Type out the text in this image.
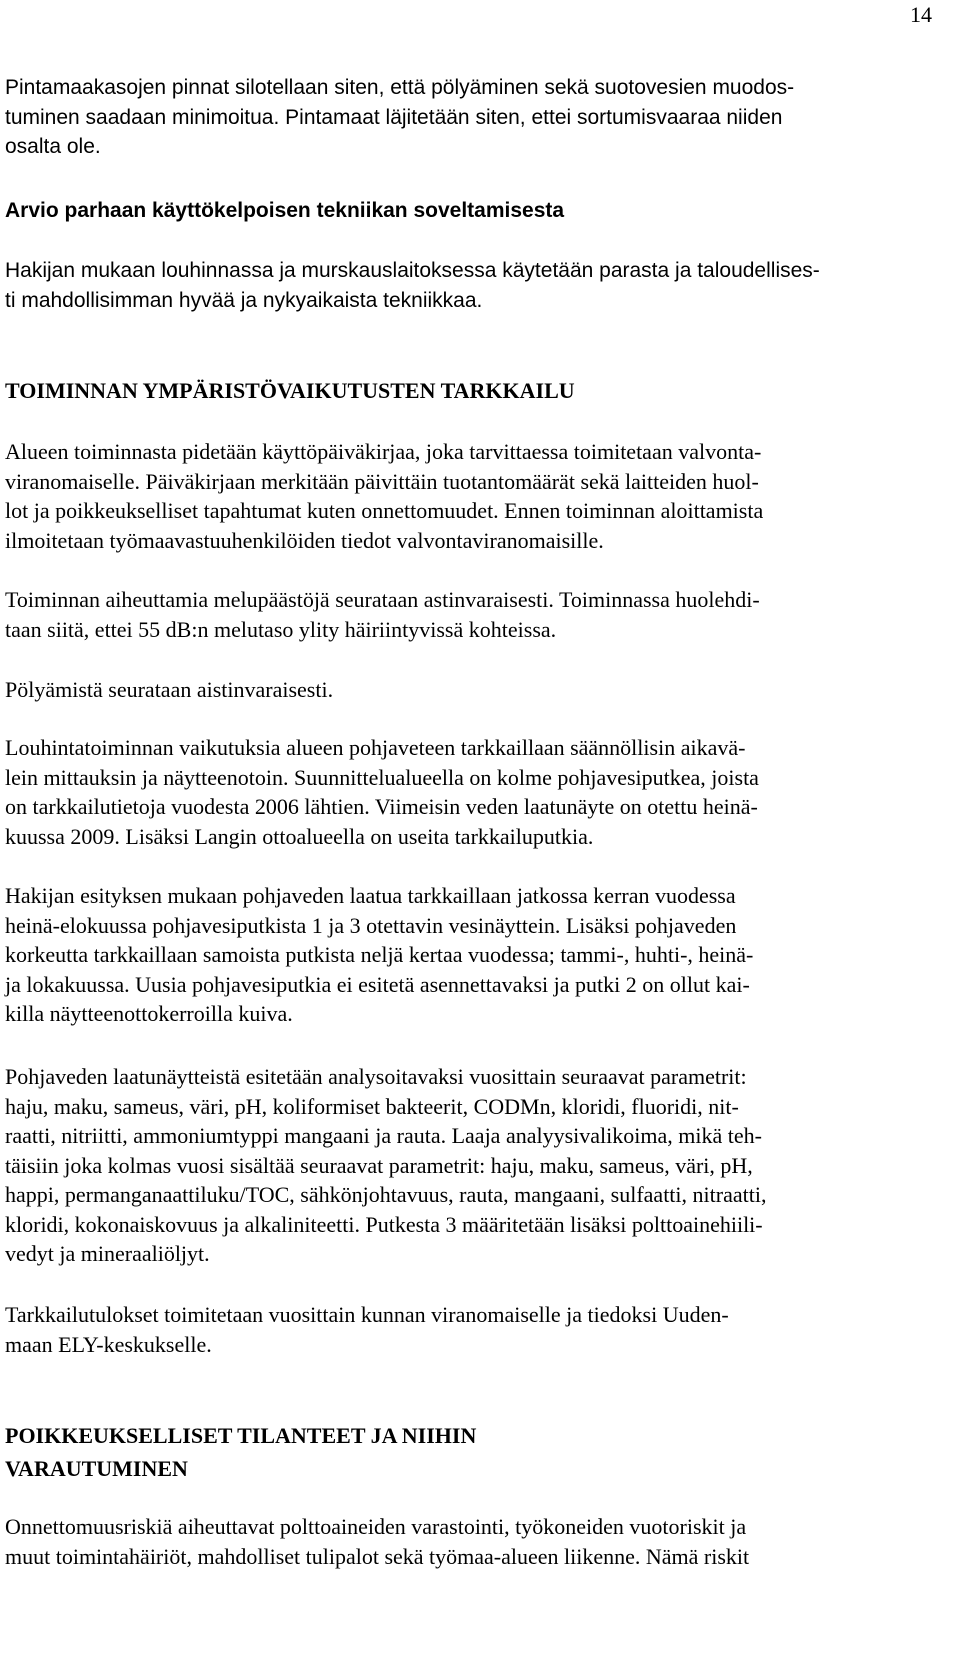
14
Pintamaakasojen pinnat silotellaan siten, että pölyäminen sekä suotovesien muodos-
tuminen saadaan minimoitua. Pintamaat läjitetään siten, ettei sortumisvaaraa niiden
osalta ole.
Arvio parhaan käyttökelpoisen tekniikan soveltamisesta
Hakijan mukaan louhinnassa ja murskauslaitoksessa käytetään parasta ja taloudellises-
ti mahdollisimman hyvää ja nykyaikaista tekniikkaa.
TOIMINNAN YMPÄRISTÖVAIKUTUSTEN TARKKAILU
Alueen toiminnasta pidetään käyttöpäiväkirjaa, joka tarvittaessa toimitetaan valvonta-
viranomaiselle. Päiväkirjaan merkitään päivittäin tuotantomäärät sekä laitteiden huol-
lot ja poikkeukselliset tapahtumat kuten onnettomuudet. Ennen toiminnan aloittamista
ilmoitetaan työmaavastuuhenkilöiden tiedot valvontaviranomaisille.
Toiminnan aiheuttamia melupäästöjä seurataan astinvaraisesti. Toiminnassa huolehdi-
taan siitä, ettei 55 dB:n melutaso ylity häiriintyvissä kohteissa.
Pölyämistä seurataan aistinvaraisesti.
Louhintatoiminnan vaikutuksia alueen pohjaveteen tarkkaillaan säännöllisin aikavä-
lein mittauksin ja näytteenotoin. Suunnittelualueella on kolme pohjavesiputkea, joista
on tarkkailutietoja vuodesta 2006 lähtien. Viimeisin veden laatunäyte on otettu heinä-
kuussa 2009. Lisäksi Langin ottoalueella on useita tarkkailuputkia.
Hakijan esityksen mukaan pohjaveden laatua tarkkaillaan jatkossa kerran vuodessa
heinä-elokuussa pohjavesiputkista 1 ja 3 otettavin vesinäyttein. Lisäksi pohjaveden
korkeutta tarkkaillaan samoista putkista neljä kertaa vuodessa; tammi-, huhti-, heinä-
ja lokakuussa. Uusia pohjavesiputkia ei esitetä asennettavaksi ja putki 2 on ollut kai-
killa näytteenottokerroilla kuiva.
Pohjaveden laatunäytteistä esitetään analysoitavaksi vuosittain seuraavat parametrit:
haju, maku, sameus, väri, pH, koliformiset bakteerit, CODMn, kloridi, fluoridi, nit-
raatti, nitriitti, ammoniumtyppi mangaani ja rauta. Laaja analyysivalikoima, mikä teh-
täisiin joka kolmas vuosi sisältää seuraavat parametrit: haju, maku, sameus, väri, pH,
happi, permanganaattiluku/TOC, sähkönjohtavuus, rauta, mangaani, sulfaatti, nitraatti,
kloridi, kokonaiskovuus ja alkaliniteetti. Putkesta 3 määritetään lisäksi polttoainehiili-
vedyt ja mineraaliöljyt.
Tarkkailutulokset toimitetaan vuosittain kunnan viranomaiselle ja tiedoksi Uuden-
maan ELY-keskukselle.
POIKKEUKSELLISET TILANTEET JA NIIHIN
VARAUTUMINEN
Onnettomuusriskiä aiheuttavat polttoaineiden varastointi, työkoneiden vuotoriskit ja
muut toimintahäiriöt, mahdolliset tulipalot sekä työmaa-alueen liikenne. Nämä riskit
